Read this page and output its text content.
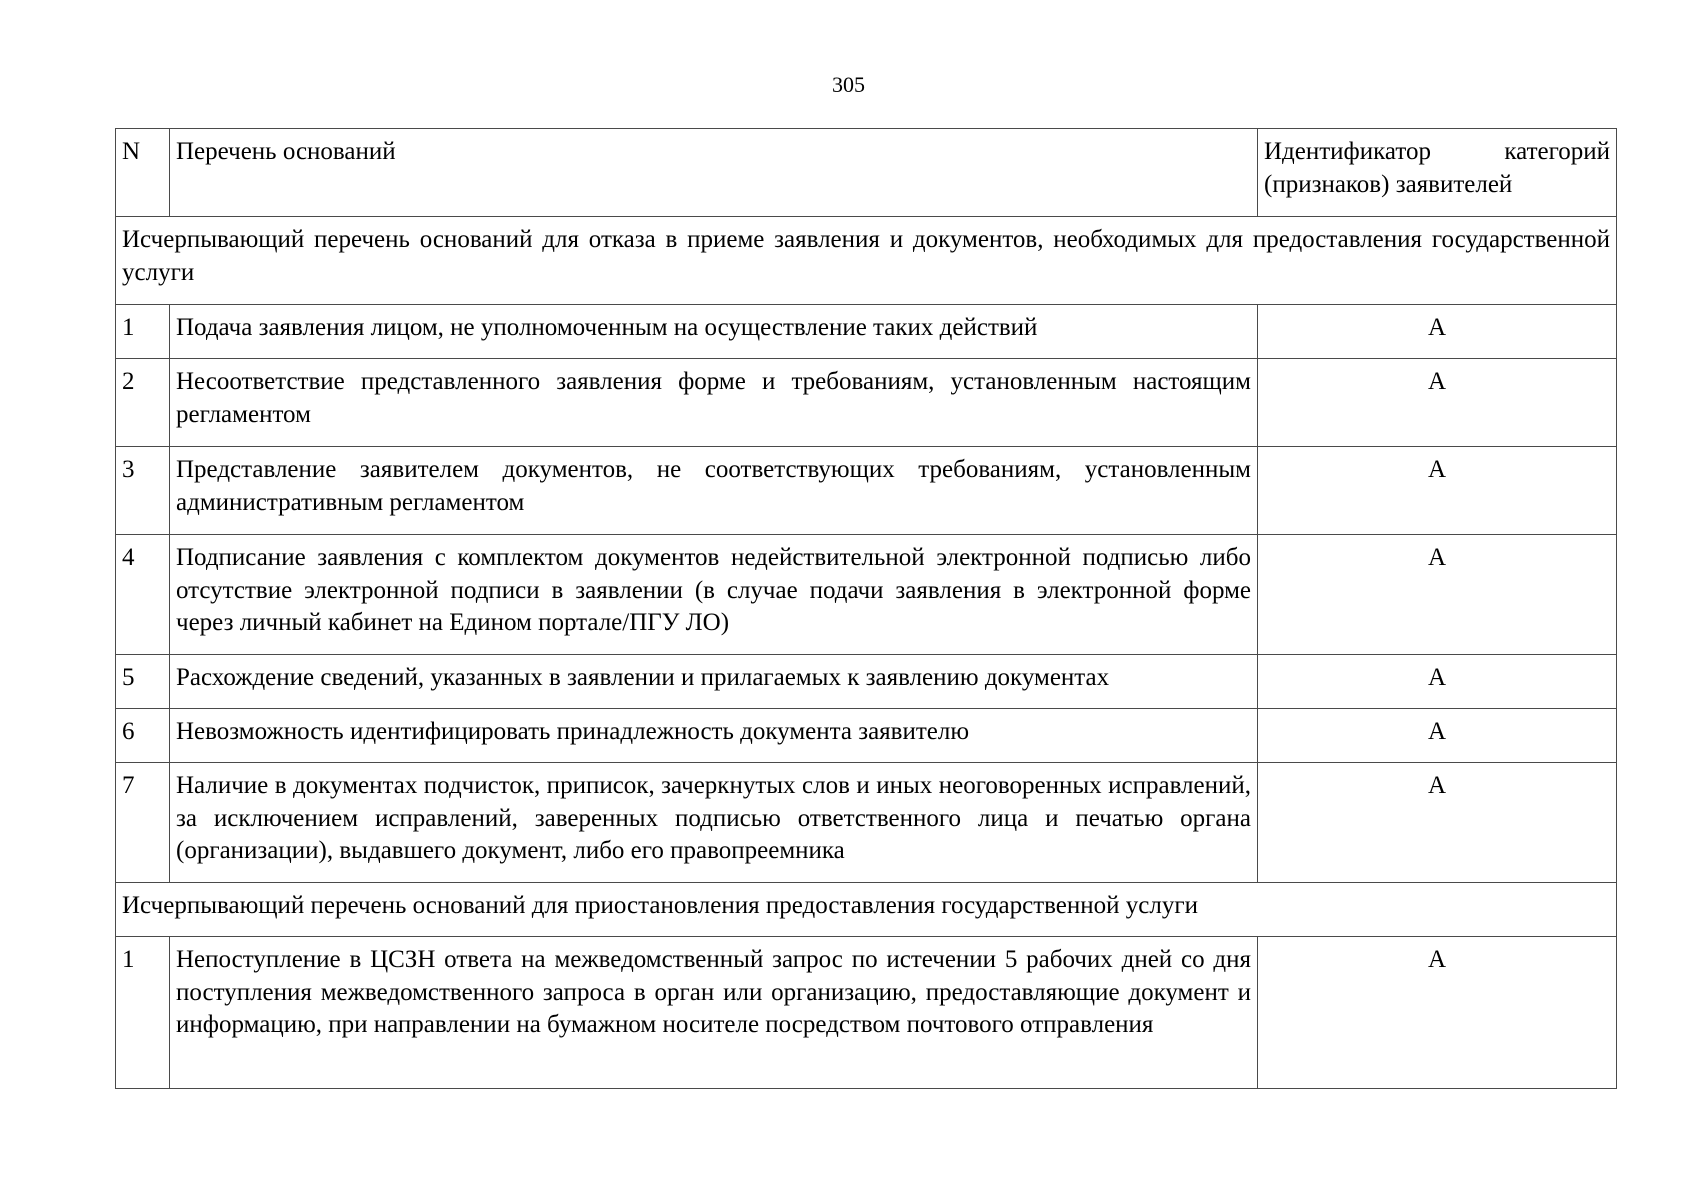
305
N	Перечень оснований	Идентификатор категорий (признаков) заявителей
Исчерпывающий перечень оснований для отказа в приеме заявления и документов, необходимых для предоставления государственной услуги		
1	Подача заявления лицом, не уполномоченным на осуществление таких действий	А
2	Несоответствие представленного заявления форме и требованиям, установленным настоящим регламентом	А
3	Представление заявителем документов, не соответствующих требованиям, установленным административным регламентом	А
4	Подписание заявления с комплектом документов недействительной электронной подписью либо отсутствие электронной подписи в заявлении (в случае подачи заявления в электронной форме через личный кабинет на Едином портале/ПГУ ЛО)	А
5	Расхождение сведений, указанных в заявлении и прилагаемых к заявлению документах	А
6	Невозможность идентифицировать принадлежность документа заявителю	А
7	Наличие в документах подчисток, приписок, зачеркнутых слов и иных неоговоренных исправлений, за исключением исправлений, заверенных подписью ответственного лица и печатью органа (организации), выдавшего документ, либо его правопреемника	А
Исчерпывающий перечень оснований для приостановления предоставления государственной услуги		
1	Непоступление в ЦСЗН ответа на межведомственный запрос по истечении 5 рабочих дней со дня поступления межведомственного запроса в орган или организацию, предоставляющие документ и информацию, при направлении на бумажном носителе посредством почтового отправления	А
